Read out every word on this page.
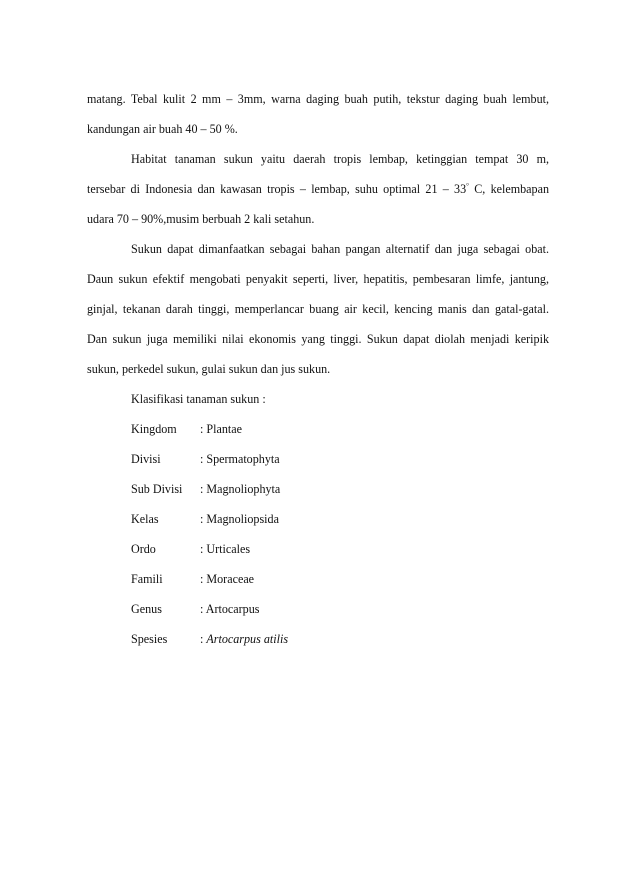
matang. Tebal kulit 2 mm – 3mm, warna daging buah putih, tekstur daging buah lembut,
kandungan air buah 40 – 50 %.

Habitat tanaman sukun yaitu daerah tropis lembap, ketinggian tempat 30 m,
tersebar di Indonesia dan kawasan tropis – lembap, suhu optimal 21 – 33° C, kelembapan
udara 70 – 90%,musim berbuah 2 kali setahun.

Sukun dapat dimanfaatkan sebagai bahan pangan alternatif dan juga sebagai obat.
Daun sukun efektif mengobati penyakit seperti, liver, hepatitis, pembesaran limfe, jantung,
ginjal, tekanan darah tinggi, memperlancar buang air kecil, kencing manis dan gatal-gatal.
Dan sukun juga memiliki nilai ekonomis yang tinggi. Sukun dapat diolah menjadi keripik
sukun, perkedel sukun, gulai sukun dan jus sukun.

Klasifikasi tanaman sukun :

Kingdom	: Plantae
Divisi	: Spermatophyta
Sub Divisi	: Magnoliophyta
Kelas	: Magnoliopsida
Ordo	: Urticales
Famili	: Moraceae
Genus	: Artocarpus
Spesies	: Artocarpus atilis
